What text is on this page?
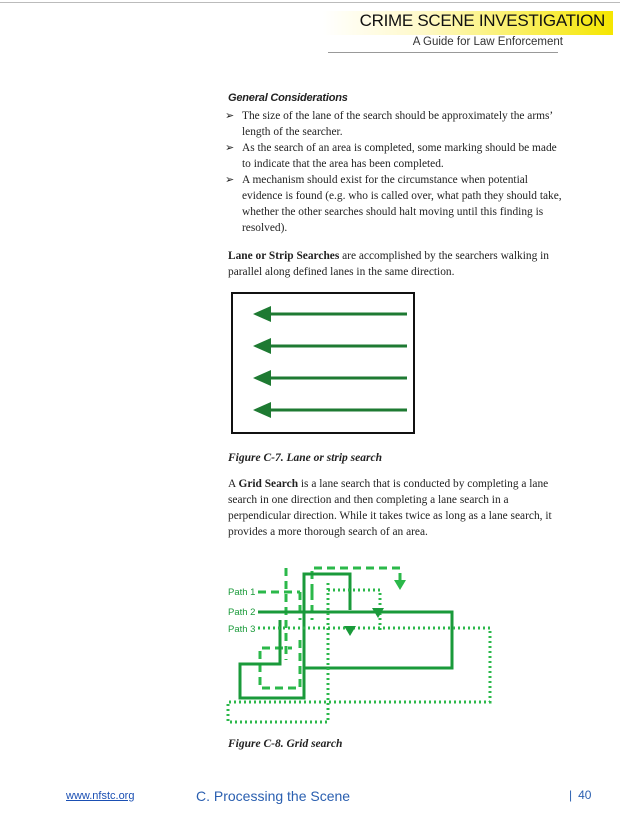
CRIME SCENE INVESTIGATION
A Guide for Law Enforcement
General Considerations
➢ The size of the lane of the search should be approximately the arms’ length of the searcher.
➢ As the search of an area is completed, some marking should be made to indicate that the area has been completed.
➢ A mechanism should exist for the circumstance when potential evidence is found (e.g. who is called over, what path they should take, whether the other searches should halt moving until this finding is resolved).

Lane or Strip Searches are accomplished by the searchers walking in parallel along defined lanes in the same direction.

Figure C-7. Lane or strip search

A Grid Search is a lane search that is conducted by completing a lane search in one direction and then completing a lane search in a perpendicular direction. While it takes twice as long as a lane search, it provides a more thorough search of an area.

Path 1
Path 2
Path 3
Figure C-8. Grid search
www.nfstc.org	C. Processing the Scene	| 40
